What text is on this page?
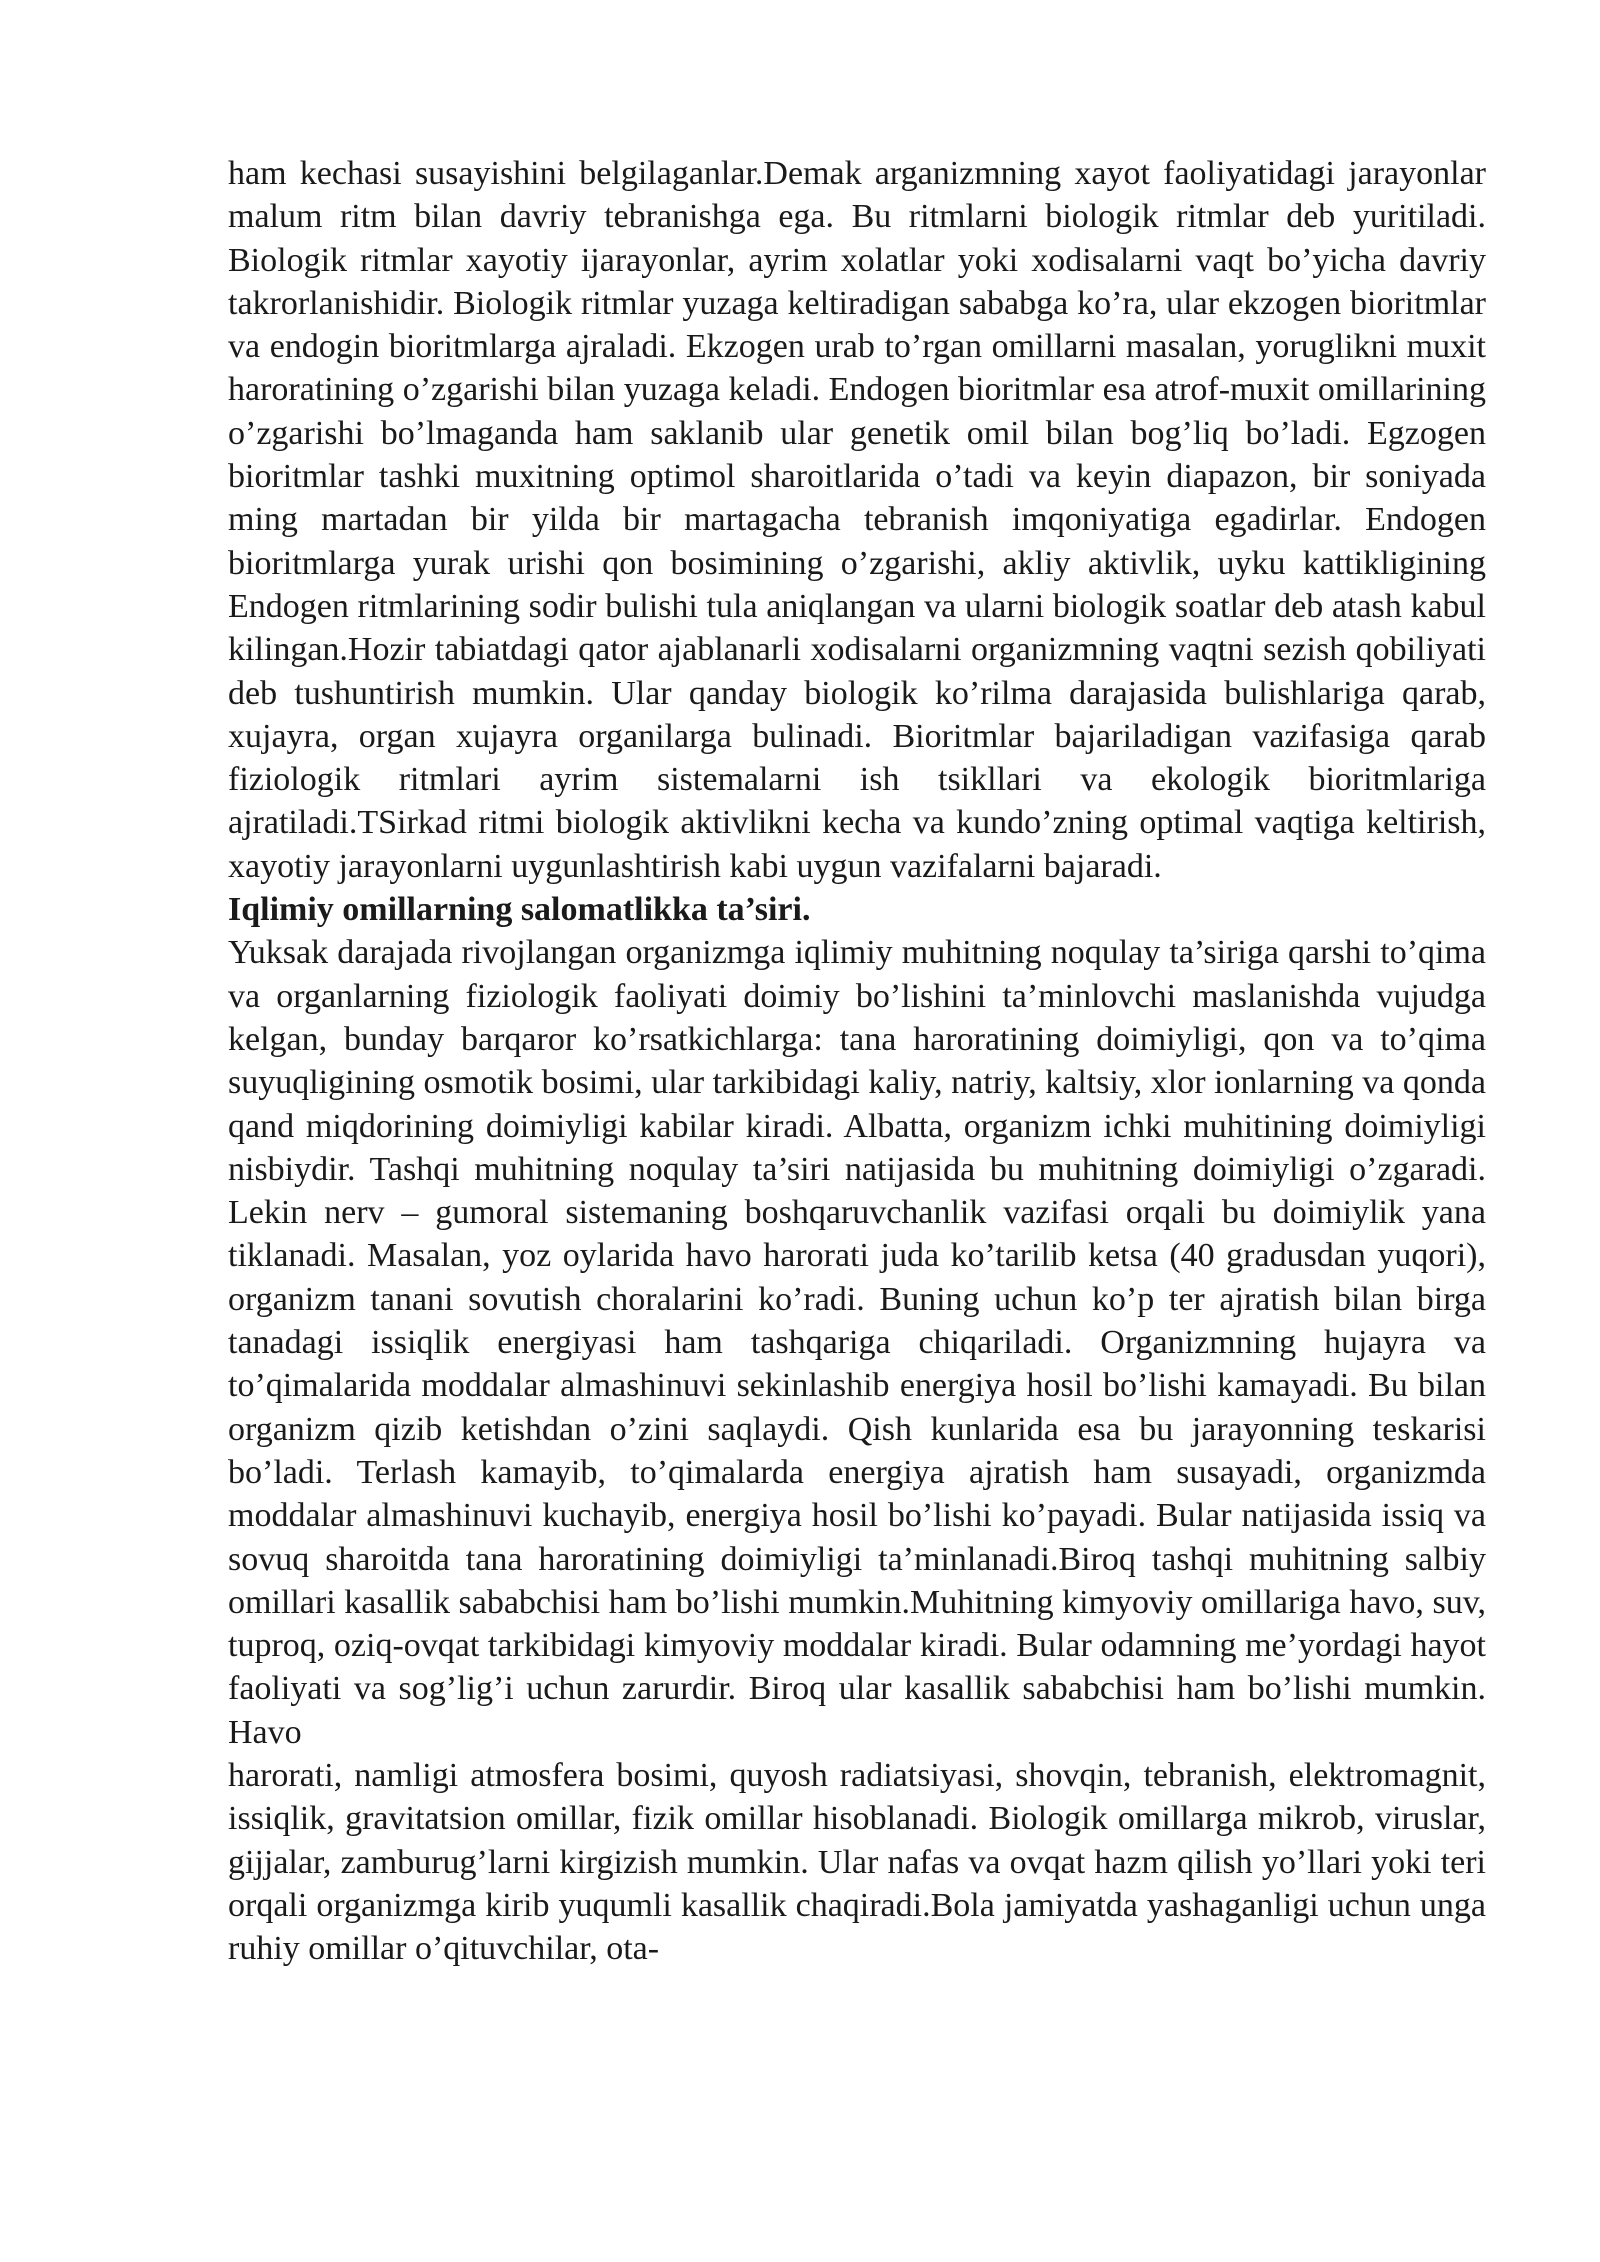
ham kechasi susayishini belgilaganlar.Demak arganizmning xayot faoliyatidagi jarayonlar malum ritm bilan davriy tebranishga ega. Bu ritmlarni biologik ritmlar deb yuritiladi. Biologik ritmlar xayotiy ijarayonlar, ayrim xolatlar yoki xodisalarni vaqt bo’yicha davriy takrorlanishidir. Biologik ritmlar yuzaga keltiradigan sababga ko’ra, ular ekzogen bioritmlar va endogin bioritmlarga ajraladi. Ekzogen urab to’rgan omillarni masalan, yoruglikni muxit haroratining o’zgarishi bilan yuzaga keladi. Endogen bioritmlar esa atrof-muxit omillarining o’zgarishi bo’lmaganda ham saklanib ular genetik omil bilan bog’liq bo’ladi. Egzogen bioritmlar tashki muxitning optimol sharoitlarida o’tadi va keyin diapazon, bir soniyada ming martadan bir yilda bir martagacha tebranish imqoniyatiga egadirlar. Endogen bioritmlarga yurak urishi qon bosimining o’zgarishi, akliy aktivlik, uyku kattikligining Endogen ritmlarining sodir bulishi tula aniqlangan va ularni biologik soatlar deb atash kabul kilingan.Hozir tabiatdagi qator ajablanarli xodisalarni organizmning vaqtni sezish qobiliyati deb tushuntirish mumkin. Ular qanday biologik ko’rilma darajasida bulishlariga qarab, xujayra, organ xujayra organilarga bulinadi. Bioritmlar bajariladigan vazifasiga qarab fiziologik ritmlari ayrim sistemalarni ish tsikllari va ekologik bioritmlariga ajratiladi.TSirkad ritmi biologik aktivlikni kecha va kundo’zning optimal vaqtiga keltirish, xayotiy jarayonlarni uygunlashtirish kabi uygun vazifalarni bajaradi.

Iqlimiy omillarning salomatlikka ta’siri.

Yuksak darajada rivojlangan organizmga iqlimiy muhitning noqulay ta’siriga qarshi to’qima va organlarning fiziologik faoliyati doimiy bo’lishini ta’minlovchi maslanishda vujudga kelgan, bunday barqaror ko’rsatkichlarga: tana haroratining doimiyligi, qon va to’qima suyuqligining osmotik bosimi, ular tarkibidagi kaliy, natriy, kaltsiy, xlor ionlarning va qonda qand miqdorining doimiyligi kabilar kiradi. Albatta, organizm ichki muhitining doimiyligi nisbiydir. Tashqi muhitning noqulay ta’siri natijasida bu muhitning doimiyligi o’zgaradi. Lekin nerv – gumoral sistemaning boshqaruvchanlik vazifasi orqali bu doimiylik yana tiklanadi. Masalan, yoz oylarida havo harorati juda ko’tarilib ketsa (40 gradusdan yuqori), organizm tanani sovutish choralarini ko’radi. Buning uchun ko’p ter ajratish bilan birga tanadagi issiqlik energiyasi ham tashqariga chiqariladi. Organizmning hujayra va to’qimalarida moddalar almashinuvi sekinlashib energiya hosil bo’lishi kamayadi. Bu bilan organizm qizib ketishdan o’zini saqlaydi. Qish kunlarida esa bu jarayonning teskarisi bo’ladi. Terlash kamayib, to’qimalarda energiya ajratish ham susayadi, organizmda moddalar almashinuvi kuchayib, energiya hosil bo’lishi ko’payadi. Bular natijasida issiq va sovuq sharoitda tana haroratining doimiyligi ta’minlanadi.Biroq tashqi muhitning salbiy omillari kasallik sababchisi ham bo’lishi mumkin.Muhitning kimyoviy omillariga havo, suv, tuproq, oziq-ovqat tarkibidagi kimyoviy moddalar kiradi. Bular odamning me’yordagi hayot faoliyati va sog’lig’i uchun zarurdir. Biroq ular kasallik sababchisi ham bo’lishi mumkin. Havo

harorati, namligi atmosfera bosimi, quyosh radiatsiyasi, shovqin, tebranish, elektromagnit, issiqlik, gravitatsion omillar, fizik omillar hisoblanadi. Biologik omillarga mikrob, viruslar, gijjalar, zamburug’larni kirgizish mumkin. Ular nafas va ovqat hazm qilish yo’llari yoki teri orqali organizmga kirib yuqumli kasallik chaqiradi.Bola jamiyatda yashaganligi uchun unga ruhiy omillar o’qituvchilar, ota-
